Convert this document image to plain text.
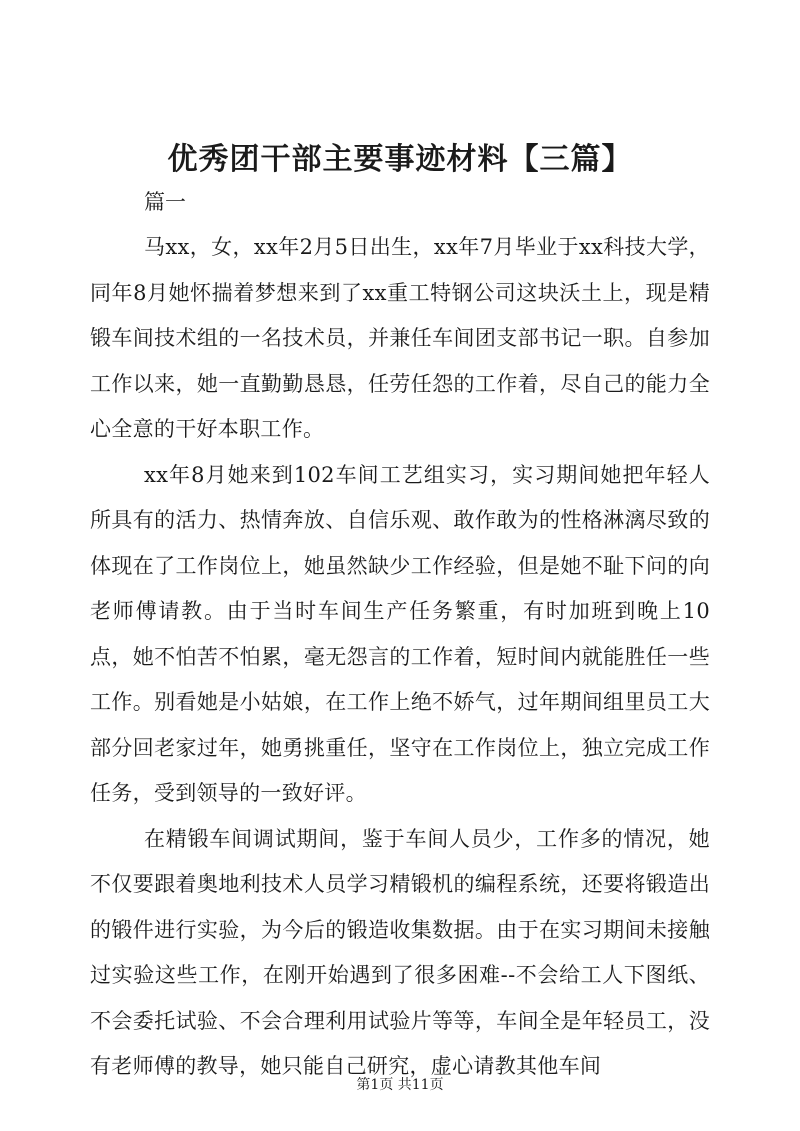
优秀团干部主要事迹材料【三篇】

篇一

马xx，女，xx年2月5日出生，xx年7月毕业于xx科技大学，同年8月她怀揣着梦想来到了xx重工特钢公司这块沃土上，现是精锻车间技术组的一名技术员，并兼任车间团支部书记一职。自参加工作以来，她一直勤勤恳恳，任劳任怨的工作着，尽自己的能力全心全意的干好本职工作。

xx年8月她来到102车间工艺组实习，实习期间她把年轻人所具有的活力、热情奔放、自信乐观、敢作敢为的性格淋漓尽致的体现在了工作岗位上，她虽然缺少工作经验，但是她不耻下问的向老师傅请教。由于当时车间生产任务繁重，有时加班到晚上10点，她不怕苦不怕累，毫无怨言的工作着，短时间内就能胜任一些工作。别看她是小姑娘，在工作上绝不娇气，过年期间组里员工大部分回老家过年，她勇挑重任，坚守在工作岗位上，独立完成工作任务，受到领导的一致好评。

在精锻车间调试期间，鉴于车间人员少，工作多的情况，她不仅要跟着奥地利技术人员学习精锻机的编程系统，还要将锻造出的锻件进行实验，为今后的锻造收集数据。由于在实习期间未接触过实验这些工作，在刚开始遇到了很多困难--不会给工人下图纸、不会委托试验、不会合理利用试验片等等，车间全是年轻员工，没有老师傅的教导，她只能自己研究，虚心请教其他车间

第1页 共11页
